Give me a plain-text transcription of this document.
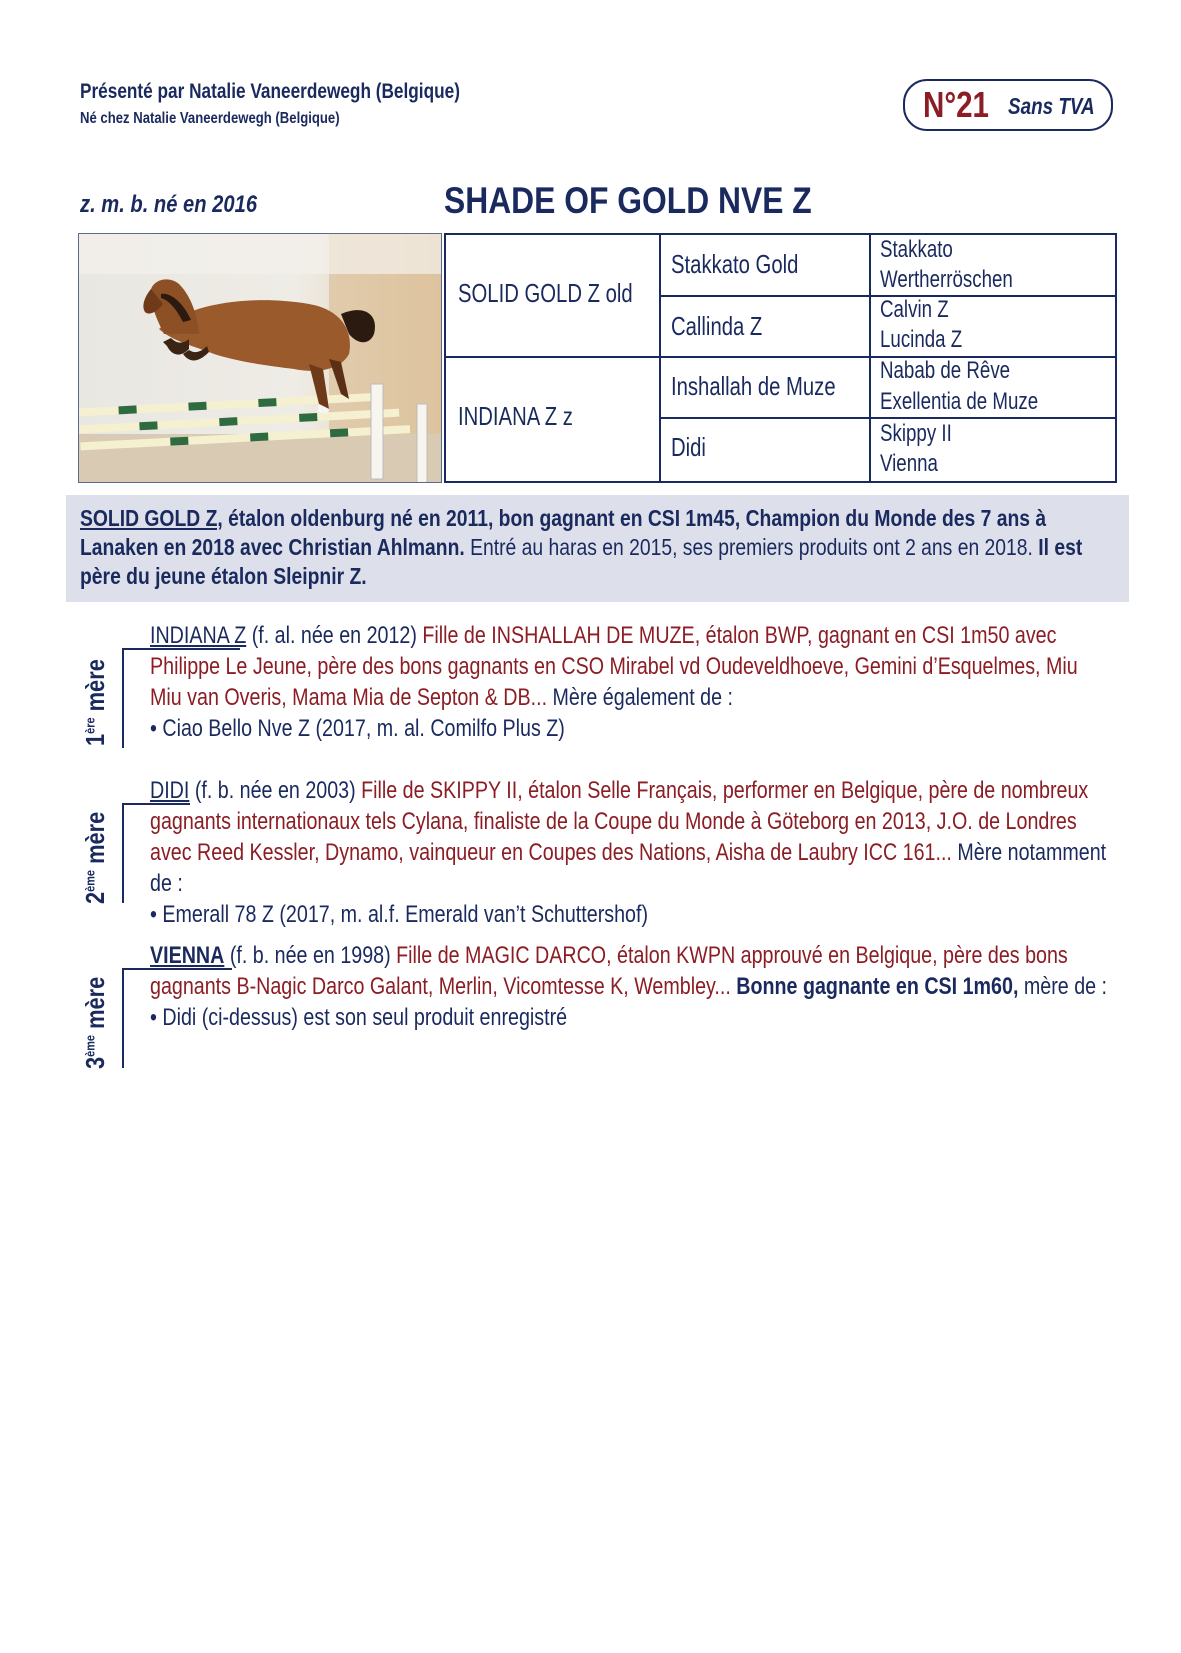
Présenté par Natalie Vaneerdewegh (Belgique)
Né chez Natalie Vaneerdewegh (Belgique)	N°21 Sans TVA
z. m. b. né en 2016	SHADE OF GOLD NVE Z
SOLID GOLD Z old
INDIANA Z z
Stakkato Gold
Callinda Z
Inshallah de Muze
Didi
Stakkato
Wertherröschen
Calvin Z
Lucinda Z
Nabab de Rêve
Exellentia de Muze
Skippy II
Vienna
SOLID GOLD Z, étalon oldenburg né en 2011, bon gagnant en CSI 1m45, Champion du Monde des 7 ans à Lanaken en 2018 avec Christian Ahlmann. Entré au haras en 2015, ses premiers produits ont 2 ans en 2018. Il est père du jeune étalon Sleipnir Z.
1ère mère
INDIANA Z (f. al. née en 2012) Fille de INSHALLAH DE MUZE, étalon BWP, gagnant en CSI 1m50 avec Philippe Le Jeune, père des bons gagnants en CSO Mirabel vd Oudeveldhoeve, Gemini d’Esquelmes, Miu Miu van Overis, Mama Mia de Septon & DB... Mère également de :
• Ciao Bello Nve Z (2017, m. al. Comilfo Plus Z)
2ème mère
DIDI (f. b. née en 2003) Fille de SKIPPY II, étalon Selle Français, performer en Belgique, père de nombreux gagnants internationaux tels Cylana, finaliste de la Coupe du Monde à Göteborg en 2013, J.O. de Londres avec Reed Kessler, Dynamo, vainqueur en Coupes des Nations, Aisha de Laubry ICC 161... Mère notamment de :
• Emerall 78 Z (2017, m. al.f. Emerald van’t Schuttershof)
3ème mère
VIENNA (f. b. née en 1998) Fille de MAGIC DARCO, étalon KWPN approuvé en Belgique, père des bons gagnants B-Nagic Darco Galant, Merlin, Vicomtesse K, Wembley... Bonne gagnante en CSI 1m60, mère de :
• Didi (ci-dessus) est son seul produit enregistré
